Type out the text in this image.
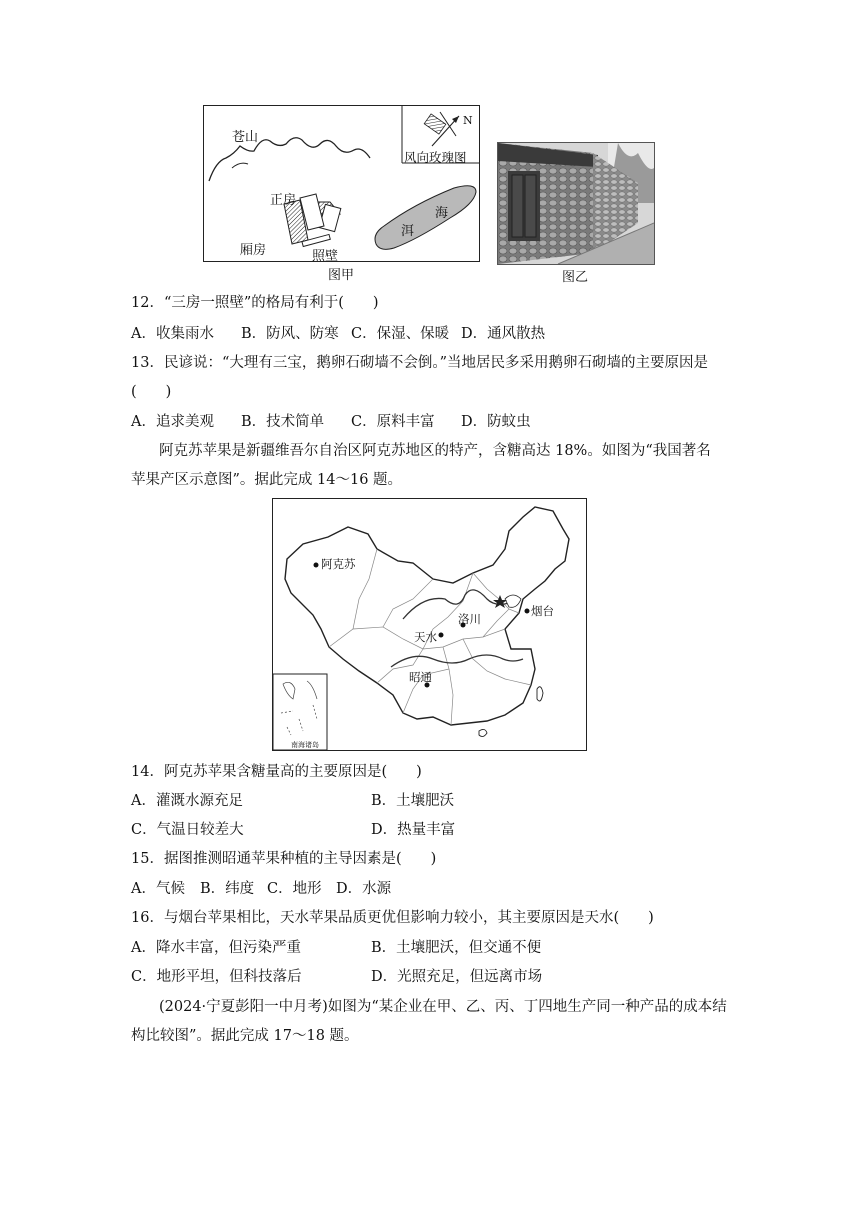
苍山
风向玫瑰图
N
正房
厢房	照壁
洱
海
图甲	图乙
12．“三房一照壁”的格局有利于(　　)
A．收集雨水 B．防风、防寒 C．保湿、保暖 D．通风散热
13．民谚说：“大理有三宝，鹅卵石砌墙不会倒。”当地居民多采用鹅卵石砌墙的主要原因是
(　　)
A．追求美观 B．技术简单 C．原料丰富 D．防蚊虫
阿克苏苹果是新疆维吾尔自治区阿克苏地区的特产，含糖高达 18%。如图为“我国著名
苹果产区示意图”。据此完成 14～16 题。
阿克苏
洛川
天水
烟台
昭通
南海诸岛
14．阿克苏苹果含糖量高的主要原因是(　　)
A．灌溉水源充足	B．土壤肥沃
C．气温日较差大	D．热量丰富
15．据图推测昭通苹果种植的主导因素是(　　)
A．气候 B．纬度 C．地形 D．水源
16．与烟台苹果相比，天水苹果品质更优但影响力较小，其主要原因是天水(　　)
A．降水丰富，但污染严重	B．土壤肥沃，但交通不便
C．地形平坦，但科技落后	D．光照充足，但远离市场
(2024·宁夏彭阳一中月考)如图为“某企业在甲、乙、丙、丁四地生产同一种产品的成本结
构比较图”。据此完成 17～18 题。
